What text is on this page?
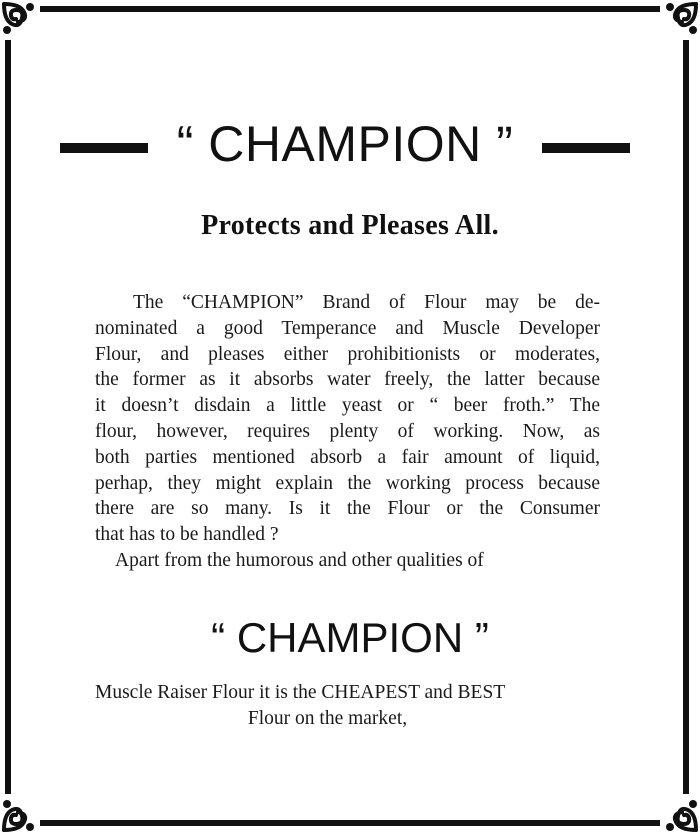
“ CHAMPION ”
Protects and Pleases All.
The “CHAMPION” Brand of Flour may be de-
nominated a good Temperance and Muscle Developer
Flour, and pleases either prohibitionists or moderates,
the former as it absorbs water freely, the latter because
it doesn’t disdain a little yeast or “ beer froth.” The
flour, however, requires plenty of working. Now, as
both parties mentioned absorb a fair amount of liquid,
perhap, they might explain the working process because
there are so many. Is it the Flour or the Consumer
that has to be handled ?
Apart from the humorous and other qualities of
“ CHAMPION ”
Muscle Raiser Flour it is the CHEAPEST and BEST
Flour on the market,
